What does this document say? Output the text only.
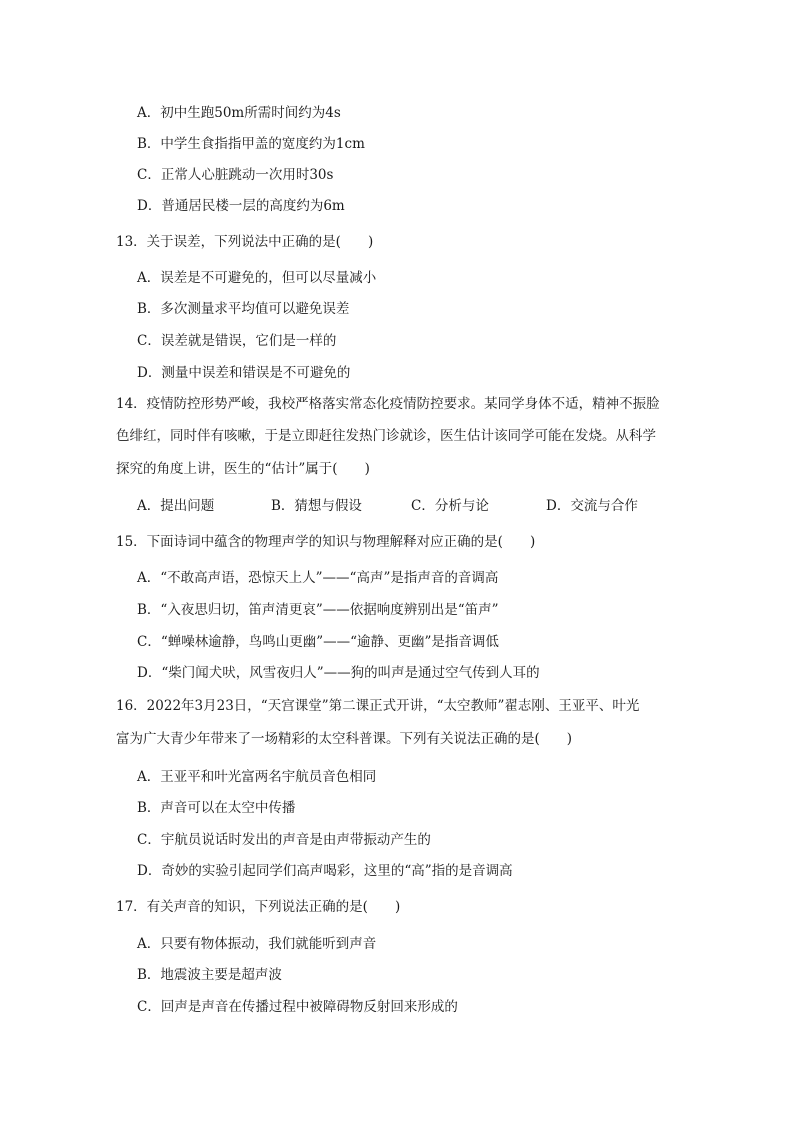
A．初中生跑50m所需时间约为4s
B．中学生食指指甲盖的宽度约为1cm
C．正常人心脏跳动一次用时30s
D．普通居民楼一层的高度约为6m
13．关于误差，下列说法中正确的是(　　)
A．误差是不可避免的，但可以尽量减小
B．多次测量求平均值可以避免误差
C．误差就是错误，它们是一样的
D．测量中误差和错误是不可避免的
14．疫情防控形势严峻，我校严格落实常态化疫情防控要求。某同学身体不适，精神不振脸
色绯红，同时伴有咳嗽，于是立即赶往发热门诊就诊，医生估计该同学可能在发烧。从科学
探究的角度上讲，医生的“估计”属于(　　)
A．提出问题	B．猜想与假设	C．分析与论	D．交流与合作
15．下面诗词中蕴含的物理声学的知识与物理解释对应正确的是(　　)
A．“不敢高声语，恐惊天上人”——“高声”是指声音的音调高
B．“入夜思归切，笛声清更哀”——依据响度辨别出是“笛声”
C．“蝉噪林逾静，鸟鸣山更幽”——“逾静、更幽”是指音调低
D．“柴门闻犬吠，风雪夜归人”——狗的叫声是通过空气传到人耳的
16．2022年3月23日，“天宫课堂”第二课正式开讲，“太空教师”翟志刚、王亚平、叶光
富为广大青少年带来了一场精彩的太空科普课。下列有关说法正确的是(　　)
A．王亚平和叶光富两名宇航员音色相同
B．声音可以在太空中传播
C．宇航员说话时发出的声音是由声带振动产生的
D．奇妙的实验引起同学们高声喝彩，这里的“高”指的是音调高
17．有关声音的知识，下列说法正确的是(　　)
A．只要有物体振动，我们就能听到声音
B．地震波主要是超声波
C．回声是声音在传播过程中被障碍物反射回来形成的
